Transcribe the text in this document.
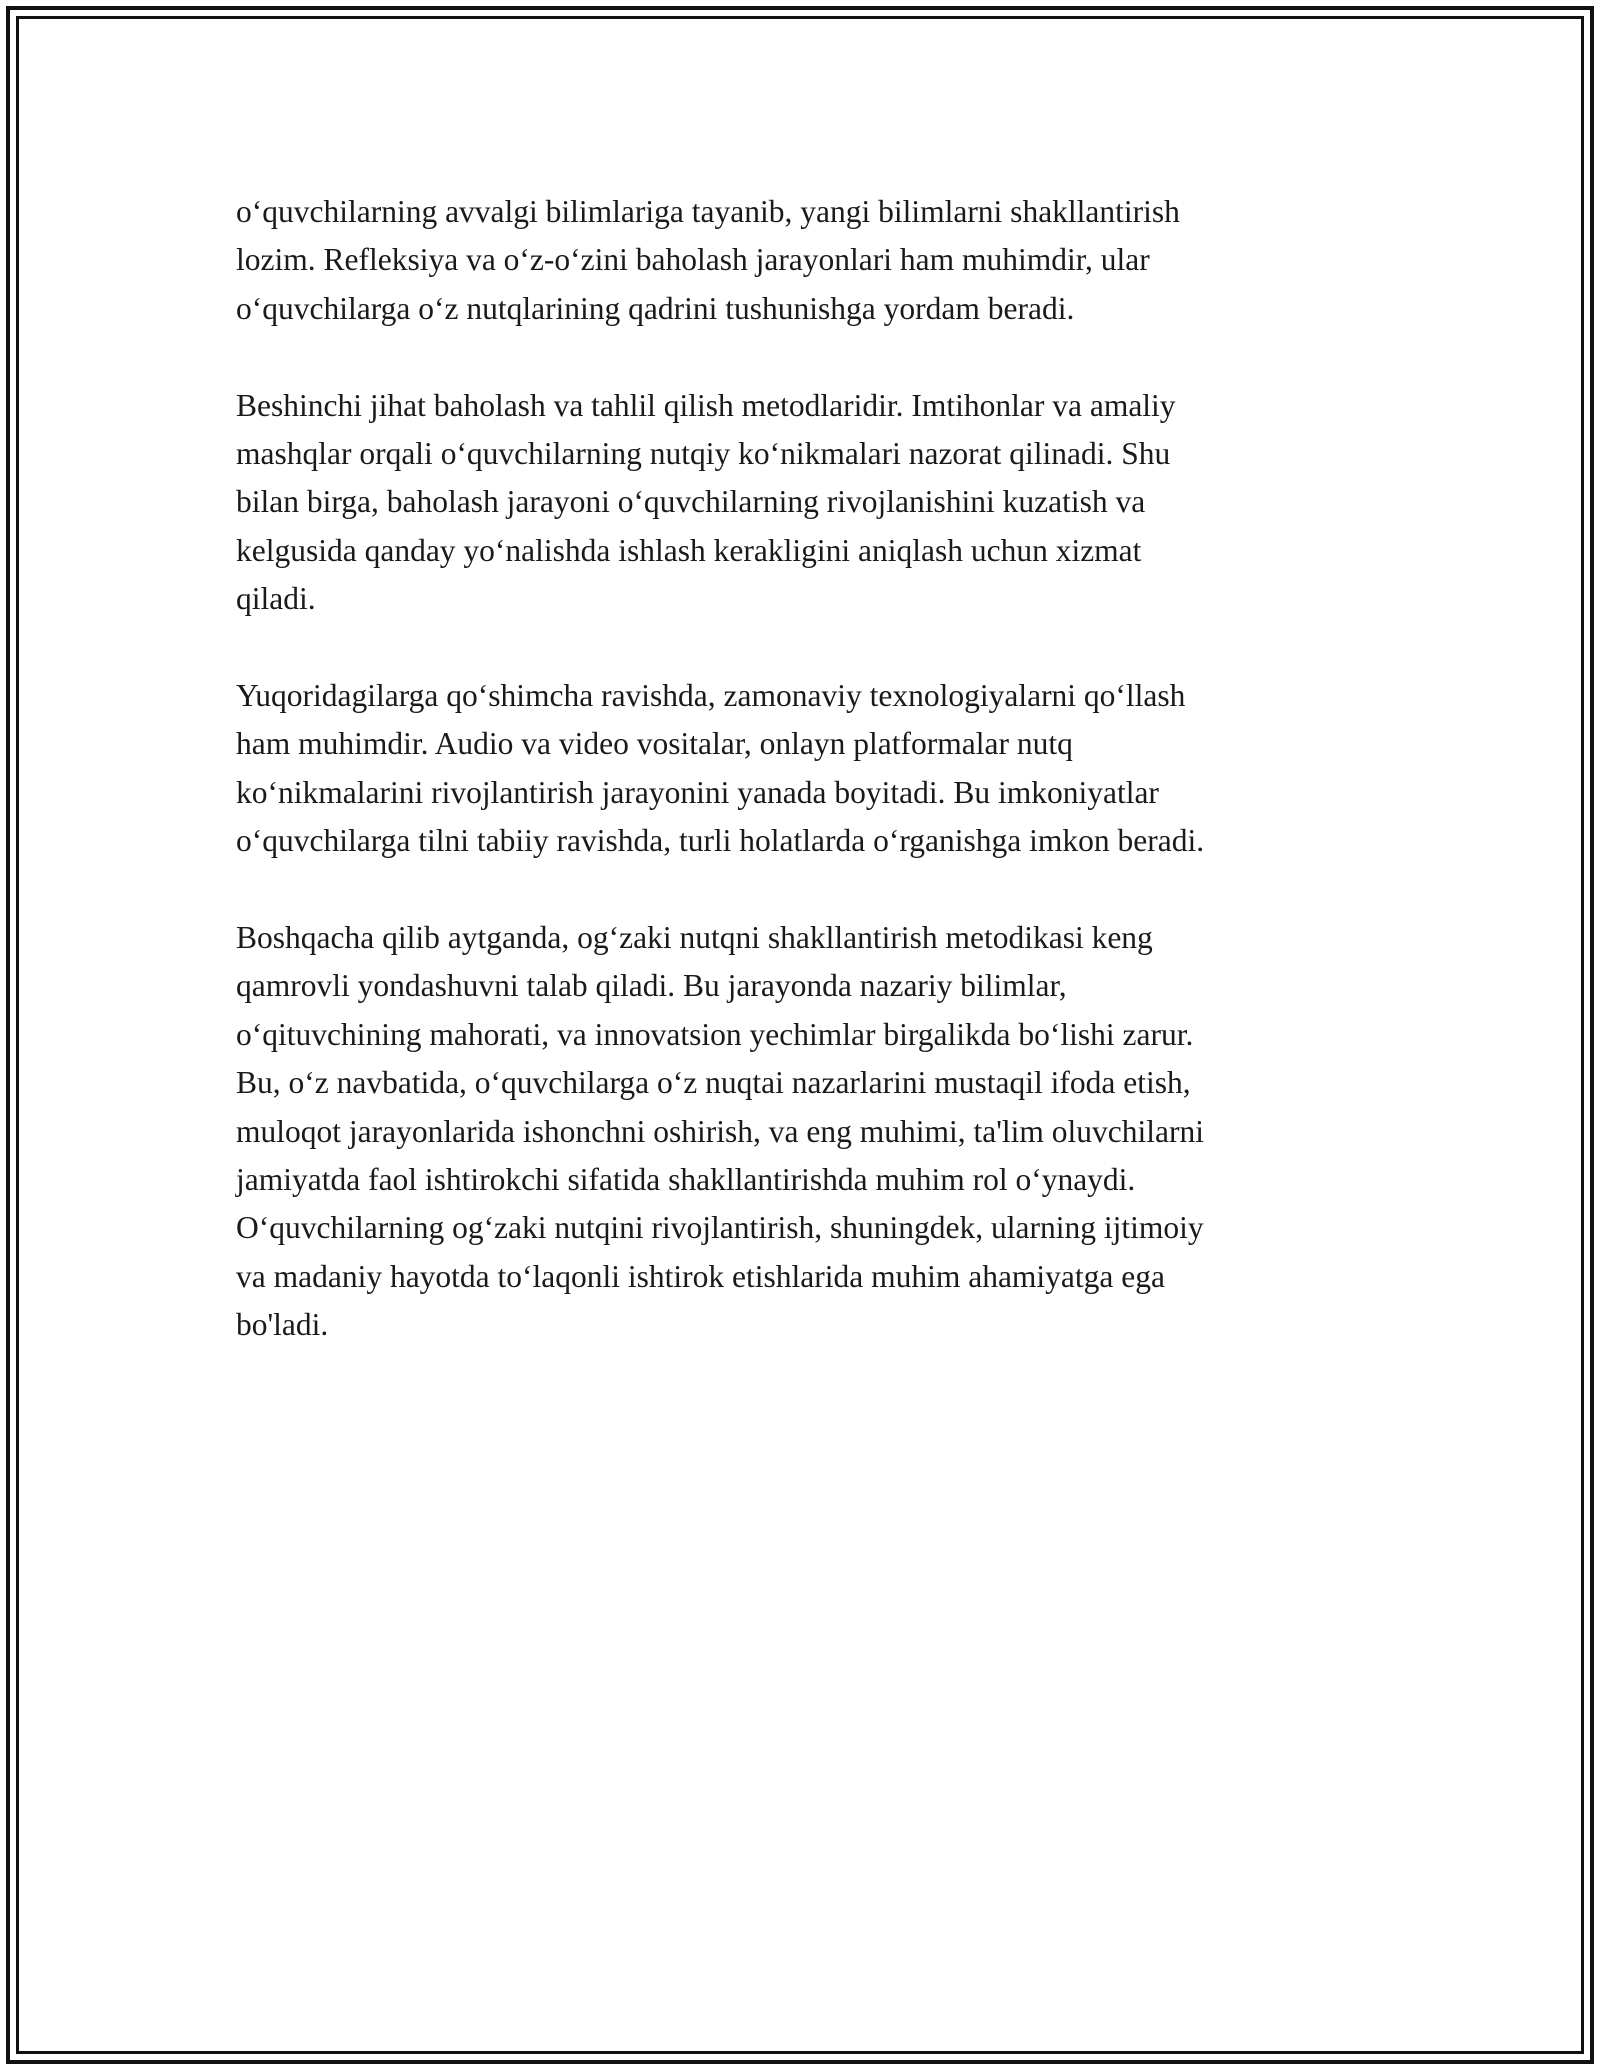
o‘quvchilarning avvalgi bilimlariga tayanib, yangi bilimlarni shakllantirish
lozim. Refleksiya va o‘z-o‘zini baholash jarayonlari ham muhimdir, ular
o‘quvchilarga o‘z nutqlarining qadrini tushunishga yordam beradi.

Beshinchi jihat baholash va tahlil qilish metodlaridir. Imtihonlar va amaliy
mashqlar orqali o‘quvchilarning nutqiy ko‘nikmalari nazorat qilinadi. Shu
bilan birga, baholash jarayoni o‘quvchilarning rivojlanishini kuzatish va
kelgusida qanday yo‘nalishda ishlash kerakligini aniqlash uchun xizmat
qiladi.

Yuqoridagilarga qo‘shimcha ravishda, zamonaviy texnologiyalarni qo‘llash
ham muhimdir. Audio va video vositalar, onlayn platformalar nutq
ko‘nikmalarini rivojlantirish jarayonini yanada boyitadi. Bu imkoniyatlar
o‘quvchilarga tilni tabiiy ravishda, turli holatlarda o‘rganishga imkon beradi.

Boshqacha qilib aytganda, og‘zaki nutqni shakllantirish metodikasi keng
qamrovli yondashuvni talab qiladi. Bu jarayonda nazariy bilimlar,
o‘qituvchining mahorati, va innovatsion yechimlar birgalikda bo‘lishi zarur.
Bu, o‘z navbatida, o‘quvchilarga o‘z nuqtai nazarlarini mustaqil ifoda etish,
muloqot jarayonlarida ishonchni oshirish, va eng muhimi, ta'lim oluvchilarni
jamiyatda faol ishtirokchi sifatida shakllantirishda muhim rol o‘ynaydi.
O‘quvchilarning og‘zaki nutqini rivojlantirish, shuningdek, ularning ijtimoiy
va madaniy hayotda to‘laqonli ishtirok etishlarida muhim ahamiyatga ega
bo'ladi.
